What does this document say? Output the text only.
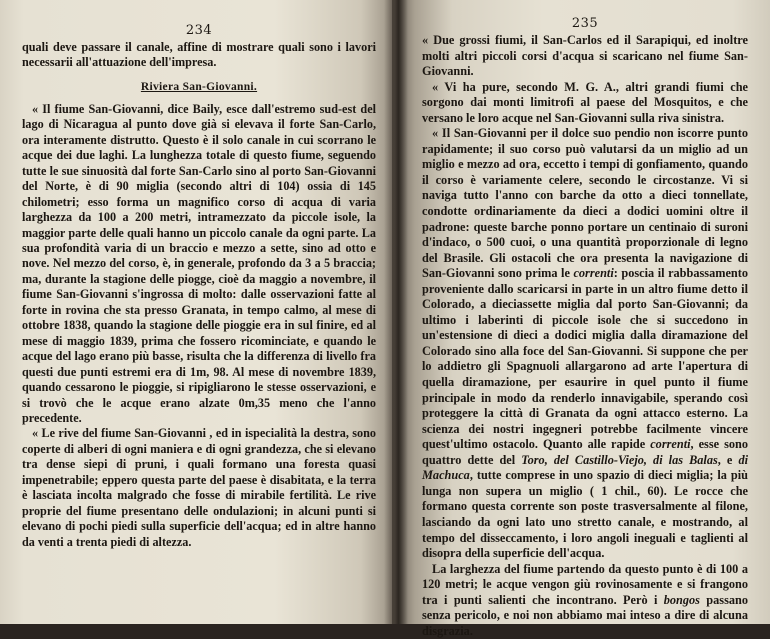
234

quali deve passare il canale, affine di mostrare quali sono i lavori necessarii all'attuazione dell'impresa.

Riviera San-Giovanni.

« Il fiume San-Giovanni, dice Baily, esce dall'estremo sud-est del lago di Nicaragua al punto dove già si elevava il forte San-Carlo, ora interamente distrutto. Questo è il solo canale in cui scorrano le acque dei due laghi. La lunghezza totale di questo fiume, seguendo tutte le sue sinuosità dal forte San-Carlo sino al porto San-Giovanni del Norte, è di 90 miglia (secondo altri di 104) ossia di 145 chilometri; esso forma un magnifico corso di acqua di varia larghezza da 100 a 200 metri, intramezzato da piccole isole, la maggior parte delle quali hanno un piccolo canale da ogni parte. La sua profondità varia di un braccio e mezzo a sette, sino ad otto e nove. Nel mezzo del corso, è, in generale, profondo da 3 a 5 braccia; ma, durante la stagione delle piogge, cioè da maggio a novembre, il fiume San-Giovanni s'ingrossa di molto: dalle osservazioni fatte al forte in rovina che sta presso Granata, in tempo calmo, al mese di ottobre 1838, quando la stagione delle pioggie era in sul finire, ed al mese di maggio 1839, prima che fossero ricominciate, e quando le acque del lago erano più basse, risulta che la differenza di livello fra questi due punti estremi era di 1m, 98. Al mese di novembre 1839, quando cessarono le pioggie, si ripigliarono le stesse osservazioni, e si trovò che le acque erano alzate 0m,35 meno che l'anno precedente.

« Le rive del fiume San-Giovanni , ed in ispecialità la destra, sono coperte di alberi di ogni maniera e di ogni grandezza, che si elevano tra dense siepi di pruni, i quali formano una foresta quasi impenetrabile; eppero questa parte del paese è disabitata, e la terra è lasciata incolta malgrado che fosse di mirabile fertilità. Le rive proprie del fiume presentano delle ondulazioni; in alcuni punti si elevano di pochi piedi sulla superficie dell'acqua; ed in altre hanno da venti a trenta piedi di altezza.

235

« Due grossi fiumi, il San-Carlos ed il Sarapiqui, ed inoltre molti altri piccoli corsi d'acqua si scaricano nel fiume San-Giovanni.

« Vi ha pure, secondo M. G. A., altri grandi fiumi che sorgono dai monti limitrofi al paese del Mosquitos, e che versano le loro acque nel San-Giovanni sulla riva sinistra.

« Il San-Giovanni per il dolce suo pendio non iscorre punto rapidamente; il suo corso può valutarsi da un miglio ad un miglio e mezzo ad ora, eccetto i tempi di gonfiamento, quando il corso è variamente celere, secondo le circostanze. Vi si naviga tutto l'anno con barche da otto a dieci tonnellate, condotte ordinariamente da dieci a dodici uomini oltre il padrone: queste barche ponno portare un centinaio di suroni d'indaco, o 500 cuoi, o una quantità proporzionale di legno del Brasile. Gli ostacoli che ora presenta la navigazione di San-Giovanni sono prima le correnti: poscia il rabbassamento proveniente dallo scaricarsi in parte in un altro fiume detto il Colorado, a dieciassette miglia dal porto San-Giovanni; da ultimo i laberinti di piccole isole che si succedono in un'estensione di dieci a dodici miglia dalla diramazione del Colorado sino alla foce del San-Giovanni. Si suppone che per lo addietro gli Spagnuoli allargarono ad arte l'apertura di quella diramazione, per esaurire in quel punto il fiume principale in modo da renderlo innavigabile, sperando così proteggere la città di Granata da ogni attacco esterno. La scienza dei nostri ingegneri potrebbe facilmente vincere quest'ultimo ostacolo. Quanto alle rapide correnti, esse sono quattro dette del Toro, del Castillo-Viejo, di las Balas, e di Machuca, tutte comprese in uno spazio di dieci miglia; la più lunga non supera un miglio ( 1 chil., 60). Le rocce che formano questa corrente son poste trasversalmente al filone, lasciando da ogni lato uno stretto canale, e mostrando, al tempo del disseccamento, i loro angoli ineguali e taglienti al disopra della superficie dell'acqua.

La larghezza del fiume partendo da questo punto è di 100 a 120 metri; le acque vengon giù rovinosamente e si frangono tra i punti salienti che incontrano. Però i bongos passano senza pericolo, e noi non abbiamo mai inteso a dire di alcuna disgrazia.
